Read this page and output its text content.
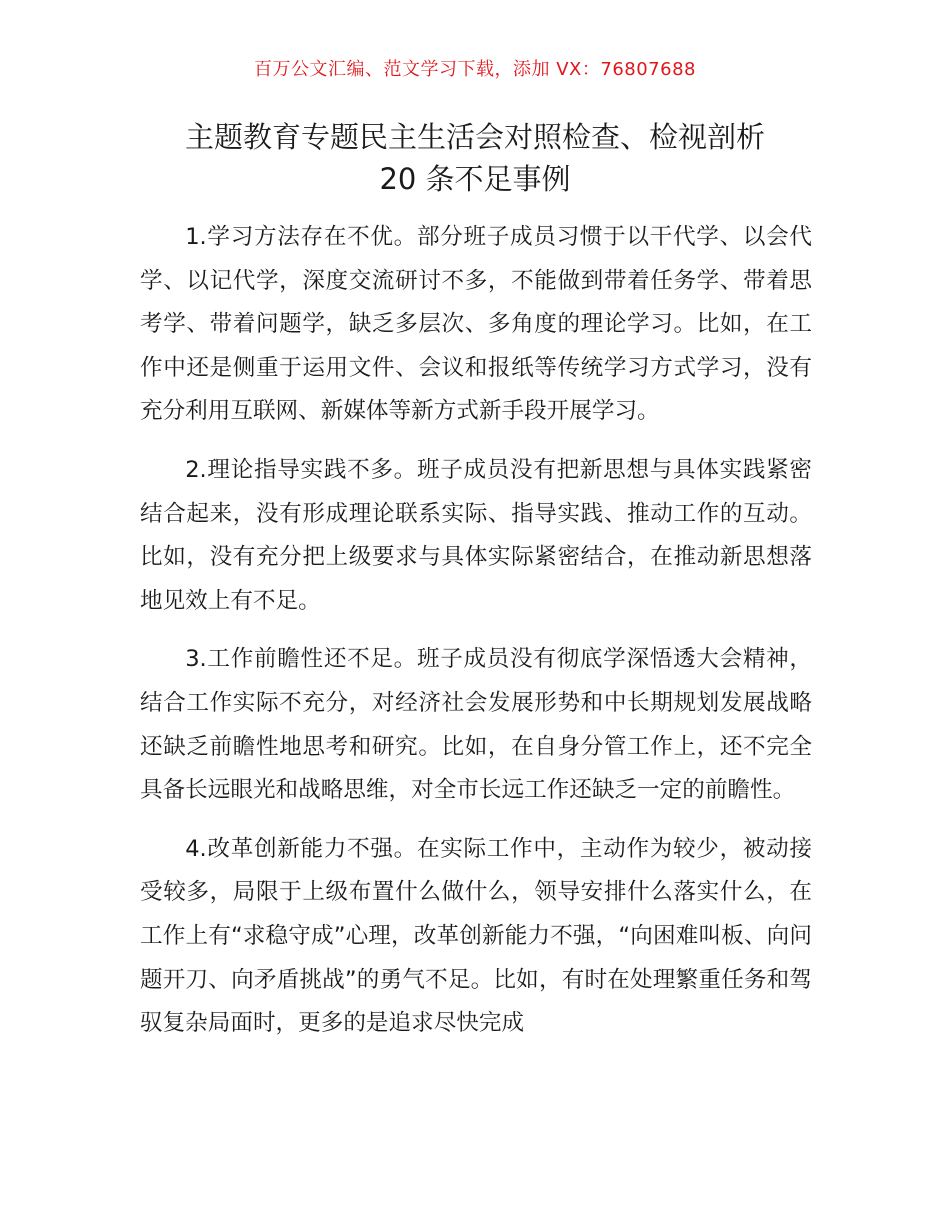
百万公文汇编、范文学习下载，添加 VX：76807688
主题教育专题民主生活会对照检查、检视剖析
20 条不足事例

1.学习方法存在不优。部分班子成员习惯于以干代学、以会代学、以记代学，深度交流研讨不多，不能做到带着任务学、带着思考学、带着问题学，缺乏多层次、多角度的理论学习。比如，在工作中还是侧重于运用文件、会议和报纸等传统学习方式学习，没有充分利用互联网、新媒体等新方式新手段开展学习。

2.理论指导实践不多。班子成员没有把新思想与具体实践紧密结合起来，没有形成理论联系实际、指导实践、推动工作的互动。比如，没有充分把上级要求与具体实际紧密结合，在推动新思想落地见效上有不足。

3.工作前瞻性还不足。班子成员没有彻底学深悟透大会精神，结合工作实际不充分，对经济社会发展形势和中长期规划发展战略还缺乏前瞻性地思考和研究。比如，在自身分管工作上，还不完全具备长远眼光和战略思维，对全市长远工作还缺乏一定的前瞻性。

4.改革创新能力不强。在实际工作中，主动作为较少，被动接受较多，局限于上级布置什么做什么，领导安排什么落实什么，在工作上有“求稳守成”心理，改革创新能力不强，“向困难叫板、向问题开刀、向矛盾挑战”的勇气不足。比如，有时在处理繁重任务和驾驭复杂局面时，更多的是追求尽快完成
